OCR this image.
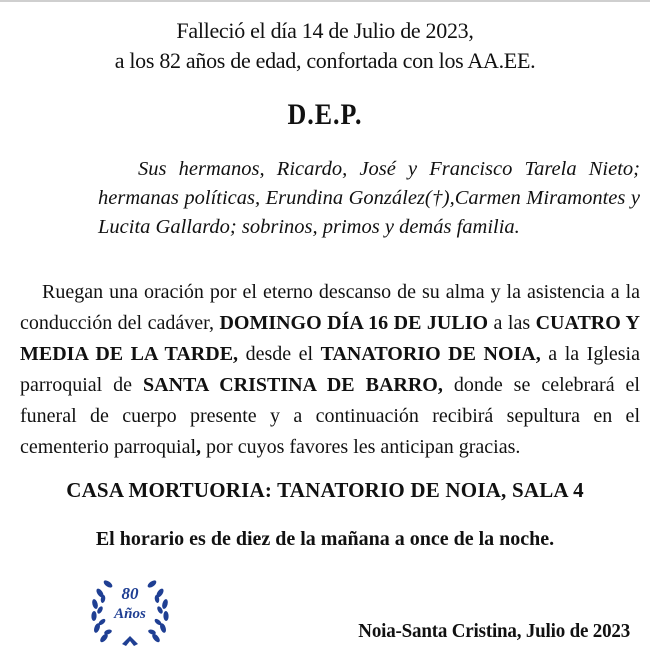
Falleció el día 14 de Julio de 2023,
a los 82 años de edad, confortada con los AA.EE.
D.E.P.

Sus hermanos, Ricardo, José y Francisco Tarela Nieto; hermanas políticas, Erundina González(†),Carmen Miramontes y Lucita Gallardo; sobrinos, primos y demás familia.

Ruegan una oración por el eterno descanso de su alma y la asistencia a la conducción del cadáver, DOMINGO DÍA 16 DE JULIO a las CUATRO Y MEDIA DE LA TARDE, desde el TANATORIO DE NOIA, a la Iglesia parroquial de SANTA CRISTINA DE BARRO, donde se celebrará el funeral de cuerpo presente y a continuación recibirá sepultura en el cementerio parroquial, por cuyos favores les anticipan gracias.

CASA MORTUORIA: TANATORIO DE NOIA, SALA 4
El horario es de diez de la mañana a once de la noche.
80
Años
Noia-Santa Cristina, Julio de 2023
